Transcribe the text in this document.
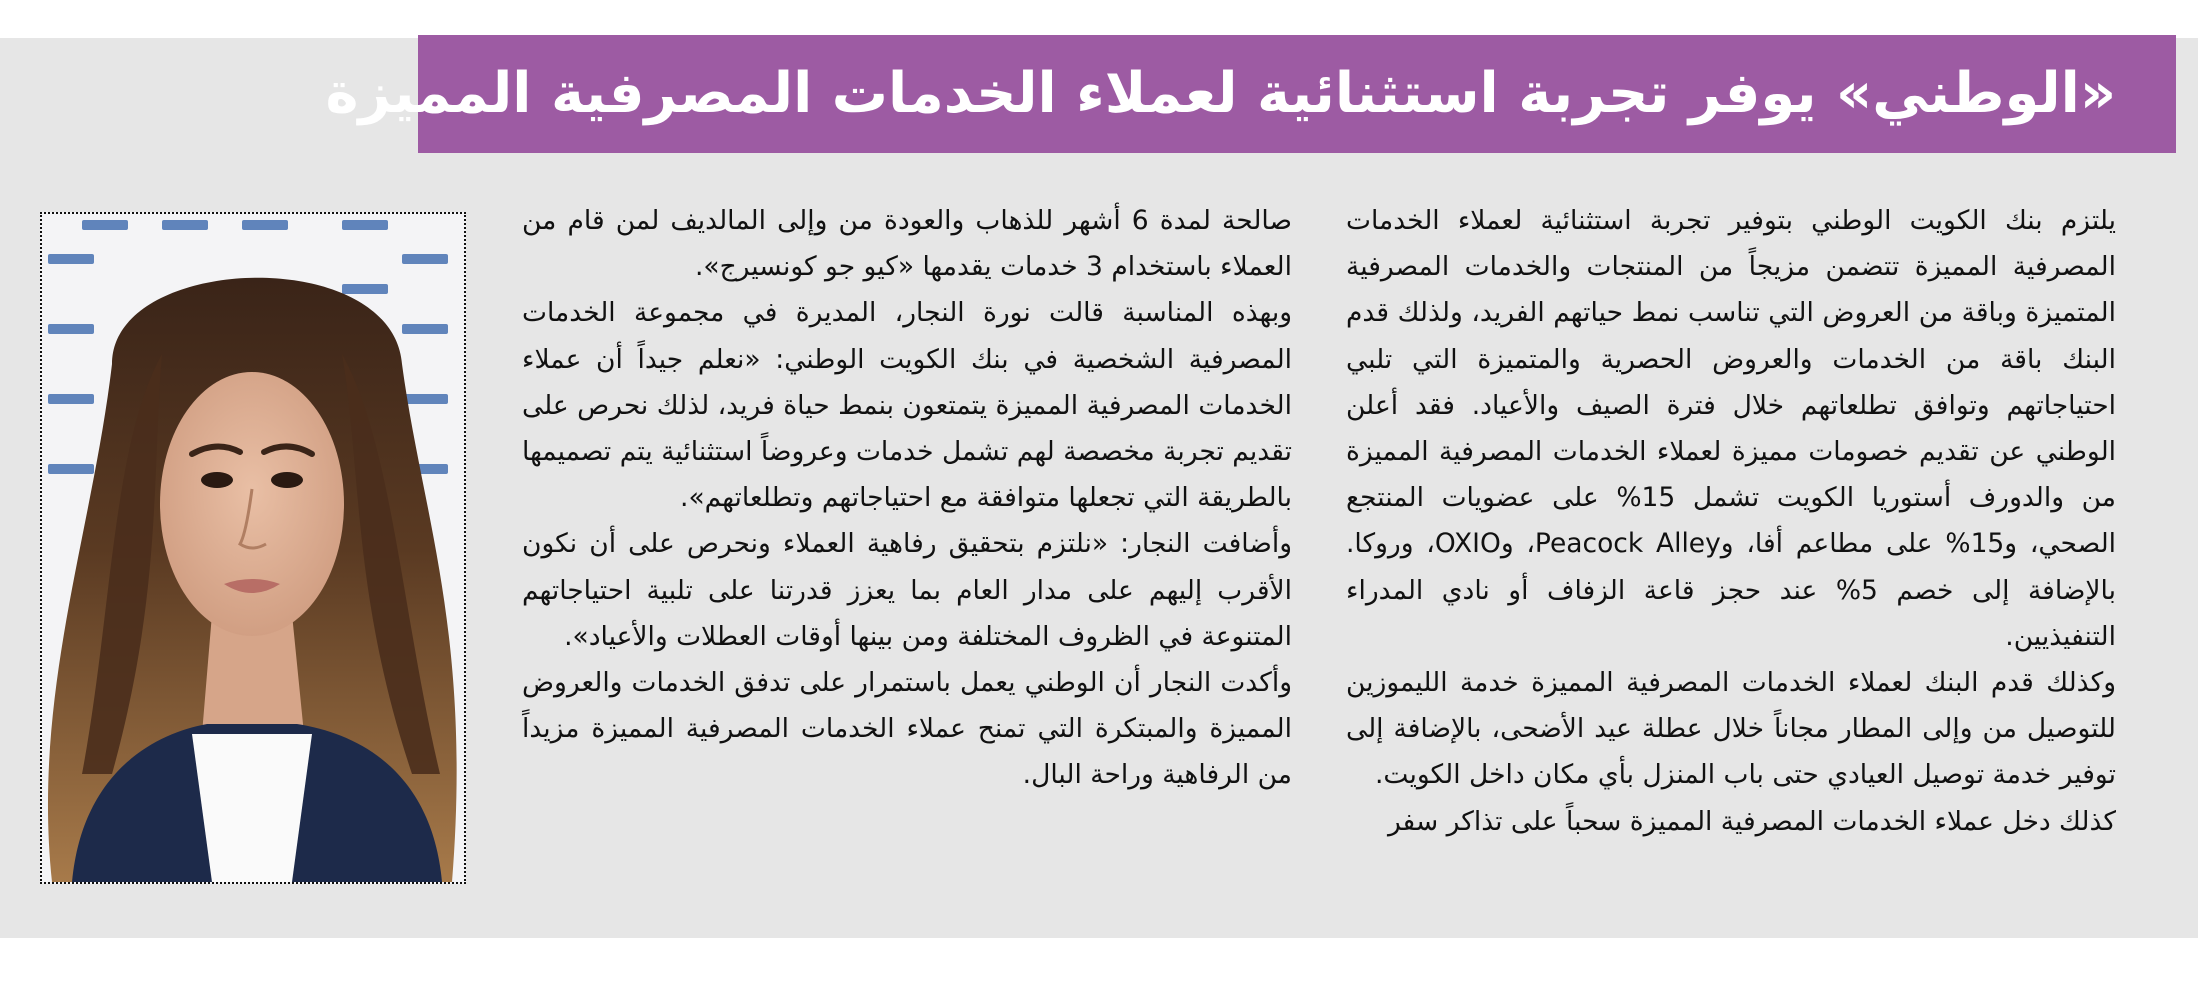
«الوطني» يوفر تجربة استثنائية لعملاء الخدمات المصرفية المميزة

يلتزم بنك الكويت الوطني بتوفير تجربة استثنائية لعملاء الخدمات المصرفية المميزة تتضمن مزيجاً من المنتجات والخدمات المصرفية المتميزة وباقة من العروض التي تناسب نمط حياتهم الفريد، ولذلك قدم البنك باقة من الخدمات والعروض الحصرية والمتميزة التي تلبي احتياجاتهم وتوافق تطلعاتهم خلال فترة الصيف والأعياد. فقد أعلن الوطني عن تقديم خصومات مميزة لعملاء الخدمات المصرفية المميزة من والدورف أستوريا الكويت تشمل 15% على عضويات المنتجع الصحي، و15% على مطاعم أفا، وPeacock Alley، وOXIO، وروكا. بالإضافة إلى خصم 5% عند حجز قاعة الزفاف أو نادي المدراء التنفيذيين.

وكذلك قدم البنك لعملاء الخدمات المصرفية المميزة خدمة الليموزين للتوصيل من وإلى المطار مجاناً خلال عطلة عيد الأضحى، بالإضافة إلى توفير خدمة توصيل العيادي حتى باب المنزل بأي مكان داخل الكويت.

كذلك دخل عملاء الخدمات المصرفية المميزة سحباً على تذاكر سفر

صالحة لمدة 6 أشهر للذهاب والعودة من وإلى المالديف لمن قام من العملاء باستخدام 3 خدمات يقدمها «كيو جو كونسيرج».

وبهذه المناسبة قالت نورة النجار، المديرة في مجموعة الخدمات المصرفية الشخصية في بنك الكويت الوطني: «نعلم جيداً أن عملاء الخدمات المصرفية المميزة يتمتعون بنمط حياة فريد، لذلك نحرص على تقديم تجربة مخصصة لهم تشمل خدمات وعروضاً استثنائية يتم تصميمها بالطريقة التي تجعلها متوافقة مع احتياجاتهم وتطلعاتهم».

وأضافت النجار: «نلتزم بتحقيق رفاهية العملاء ونحرص على أن نكون الأقرب إليهم على مدار العام بما يعزز قدرتنا على تلبية احتياجاتهم المتنوعة في الظروف المختلفة ومن بينها أوقات العطلات والأعياد».

وأكدت النجار أن الوطني يعمل باستمرار على تدفق الخدمات والعروض المميزة والمبتكرة التي تمنح عملاء الخدمات المصرفية المميزة مزيداً من الرفاهية وراحة البال.
